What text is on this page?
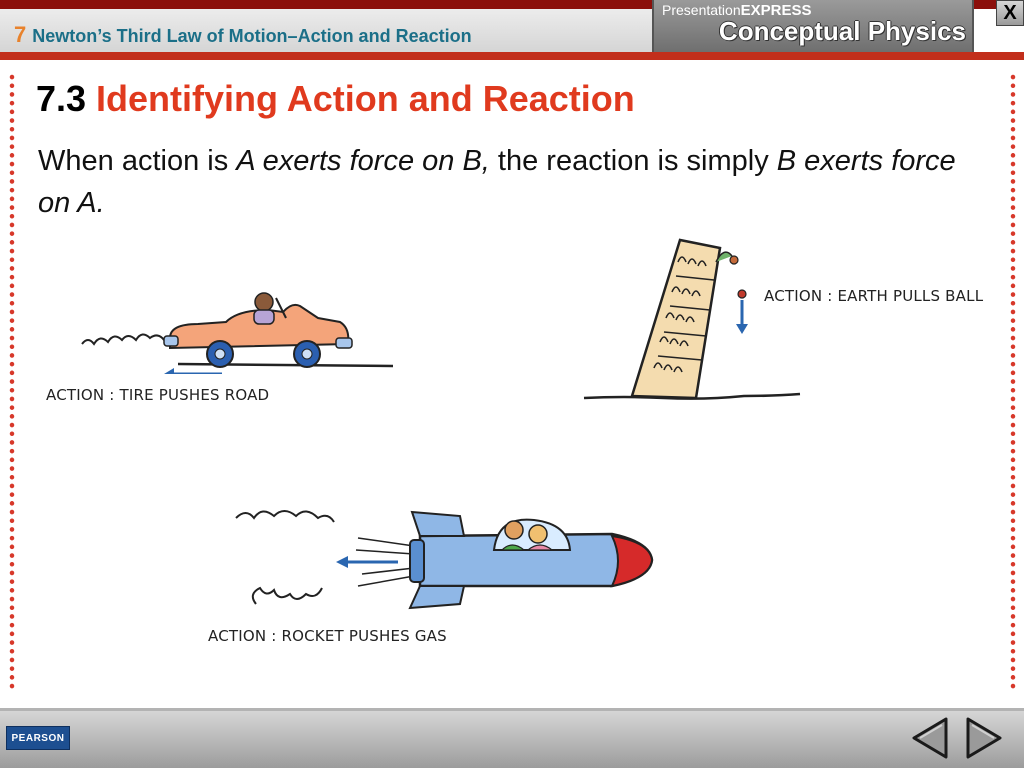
7 Newton’s Third Law of Motion–Action and Reaction
PresentationEXPRESS
Conceptual Physics
X
7.3 Identifying Action and Reaction
When action is A exerts force on B, the reaction is simply B exerts force on A.
ACTION : TIRE PUSHES ROAD
ACTION : EARTH PULLS BALL
ACTION : ROCKET PUSHES GAS
PEARSON
